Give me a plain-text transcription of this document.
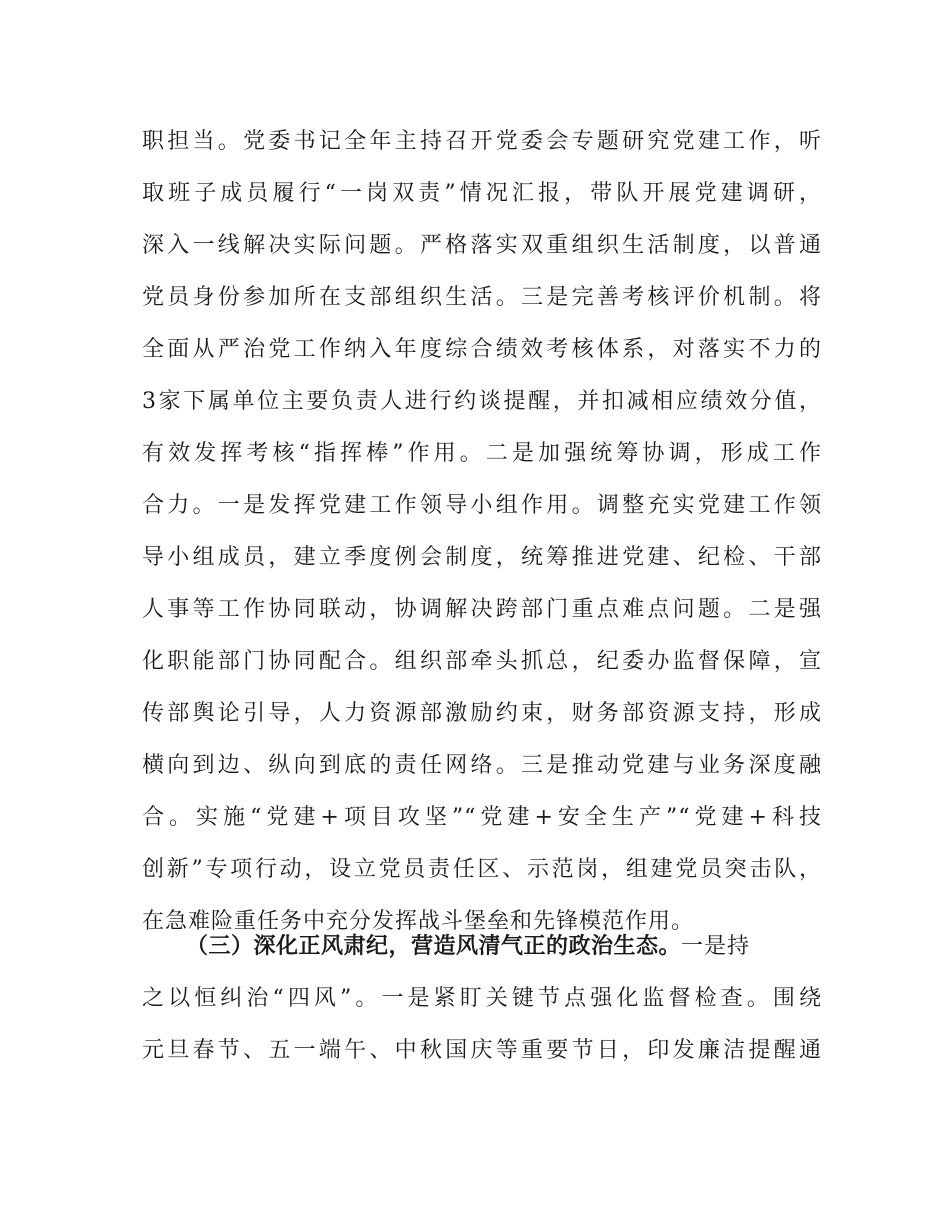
职担当。党委书记全年主持召开党委会专题研究党建工作，听
取班子成员履行“一岗双责”情况汇报，带队开展党建调研，
深入一线解决实际问题。严格落实双重组织生活制度，以普通
党员身份参加所在支部组织生活。三是完善考核评价机制。将
全面从严治党工作纳入年度综合绩效考核体系，对落实不力的
3家下属单位主要负责人进行约谈提醒，并扣减相应绩效分值，
有效发挥考核“指挥棒”作用。二是加强统筹协调，形成工作
合力。一是发挥党建工作领导小组作用。调整充实党建工作领
导小组成员，建立季度例会制度，统筹推进党建、纪检、干部
人事等工作协同联动，协调解决跨部门重点难点问题。二是强
化职能部门协同配合。组织部牵头抓总，纪委办监督保障，宣
传部舆论引导，人力资源部激励约束，财务部资源支持，形成
横向到边、纵向到底的责任网络。三是推动党建与业务深度融
合。实施“党建+项目攻坚”“党建+安全生产”“党建+科技
创新”专项行动，设立党员责任区、示范岗，组建党员突击队，
在急难险重任务中充分发挥战斗堡垒和先锋模范作用。
（三）深化正风肃纪，营造风清气正的政治生态。一是持
之以恒纠治“四风”。一是紧盯关键节点强化监督检查。围绕
元旦春节、五一端午、中秋国庆等重要节日，印发廉洁提醒通
